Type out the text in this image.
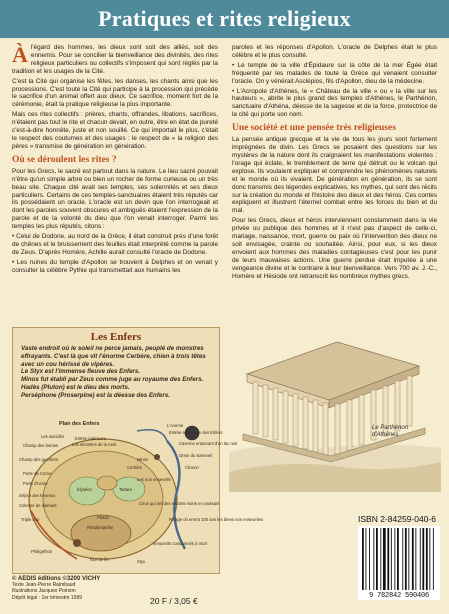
Pratiques et rites religieux

Àl'égard des hommes, les dieux sont soit des alliés, soit des ennemis. Pour se concilier la bienveillance des divinités, des rites religieux particuliers ou collectifs s'imposent qui sont réglés par la tradition et les usages de la Cité.

C'est la Cité qui organise les fêtes, les danses, les chants ainsi que les processions. C'est toute la Cité qui participe à la procession qui précède le sacrifice d'un animal offert aux dieux. Ce sacrifice, moment fort de la cérémonie, était la pratique religieuse la plus importante.

Mais ces rites collectifs : prières, chants, offrandes, libations, sacrifices, n'étaient pas tout le rite et chacun devait, en outre, être en état de pureté c'est-à-dire honnête, juste et non souillé. Ce qui importait le plus, c'était le respect des coutumes et des usages : le respect de « la religion des pères » transmise de génération en génération.

Où se déroulent les rites ?

Pour les Grecs, le sacré est partout dans la nature. Le lieu sacré pouvait n'être qu'un simple arbre ou bien un rocher de forme curieuse ou un très beau site. Chaque cité avait ses temples, ses solennités et ses dieux particuliers. Certains de ces temples-sanctuaires étaient très réputés car ils possédaient un oracle. L'oracle est un devin que l'on interrogeait et dont les paroles souvent obscures et ambiguës étaient l'expression de la parole et de la volonté du dieu que l'on venait interroger. Parmi les temples les plus réputés, citons :

• Celui de Dodone, au nord de la Grèce, il était construit près d'une forêt de chênes et le bruissement des feuilles était interprété comme la parole de Zeus. D'après Homère, Achille aurait consulté l'oracle de Dodone.

• Les ruines du temple d'Apollon se trouvent à Delphes et on venait y consulter la célèbre Pythie qui transmettait aux humains les

paroles et les réponses d'Apollon. L'oracle de Delphes était le plus célèbre et le plus consulté.

• Le temple de la ville d'Épidaure sur la côte de la mer Égée était fréquenté par les malades de toute la Grèce qui venaient consulter l'oracle. On y vénérait Asclépios, fils d'Apollon, dieu de la médecine.

• L'Acropole d'Athènes, le « Château de la ville » ou « la ville sur les hauteurs », abrite le plus grand des temples d'Athènes, le Parthénon, sanctuaire d'Athéna, déesse de la sagesse et de la force, protectrice de la cité qui porte son nom.

Une société et une pensée très religieuses

La pensée antique grecque et la vie de tous les jours sont fortement imprégnées de divin. Les Grecs se posaient des questions sur les mystères de la nature dont ils craignaient les manifestations violentes : l'orage qui éclate, le tremblement de terre qui détruit ou le volcan qui explose. Ils voulaient expliquer et comprendre les phénomènes naturels et le monde où ils vivaient. De génération en génération, ils se sont donc transmis des légendes explicatives, les mythes, qui sont des récits sur la création du monde et l'histoire des dieux et des héros. Ces contes expliquent et illustrent l'éternel combat entre les forces du bien et du mal.

Pour les Grecs, dieux et héros interviennent constamment dans la vie privée ou publique des hommes et il n'est pas d'aspect de celle-ci, mariage, naissance, mort, guerre ou paix où l'intervention des dieux ne soit envisagée, crainte ou souhaitée. Ainsi, pour eux, si les dieux envoient aux hommes des maladies contagieuses c'est pour les punir de leurs mauvaises actions. Une guerre perdue était imputée à une vengeance divine et le contraire à leur bienveillance. Vers 700 av. J.-C., Homère et Hésiode ont retranscrit les nombreux mythes grecs.

Les Enfers

Vaste endroit où le soleil ne perce jamais, peuplé de monstres effrayants. C'est là que vit l'énorme Cerbère, chien à trois têtes avec un cou hérissé de vipères.

Le Styx est l'immense fleuve des Enfers.

Minos fut établi par Zeus comme juge au royaume des Enfers.

Hadès (Pluton) est le dieu des morts.

Perséphone (Proserpine) est la déesse des Enfers.

Plan des Enfers
Les suicidés
Champ des larmes
Entrée intérieure
Les ministres de la mort
L'Averne
Entrée extérieure des Enfers
Champ des guerriers
Porte de Corne
Porte d'Ivoire
Minos
Cerbère
Caverne entourant d'un lac noir
Orme du sommeil
Charon
Séjour des heureux
Colonne de diamant
Triple mur
Élysées	Tartare
Rhadamanthe
Pluton
Les non ensevelis
Ceux qui ont des enfants morts en naissant
Rivage où errent 100 ans les âmes non ensevelies
Innocents condamnés à mort
Phlégéthon
Tour de fer	Styx
© AEDIS éditions ©3200 VICHY
Texte Jean-Pierre Raimbaud
Illustrations Jacques Poirson
Dépôt légal : 1er trimestre 1999	20 F / 3,05 €
Le Parthénon
d'Athènes
ISBN 2-84259-040-6
9 782842 590406
